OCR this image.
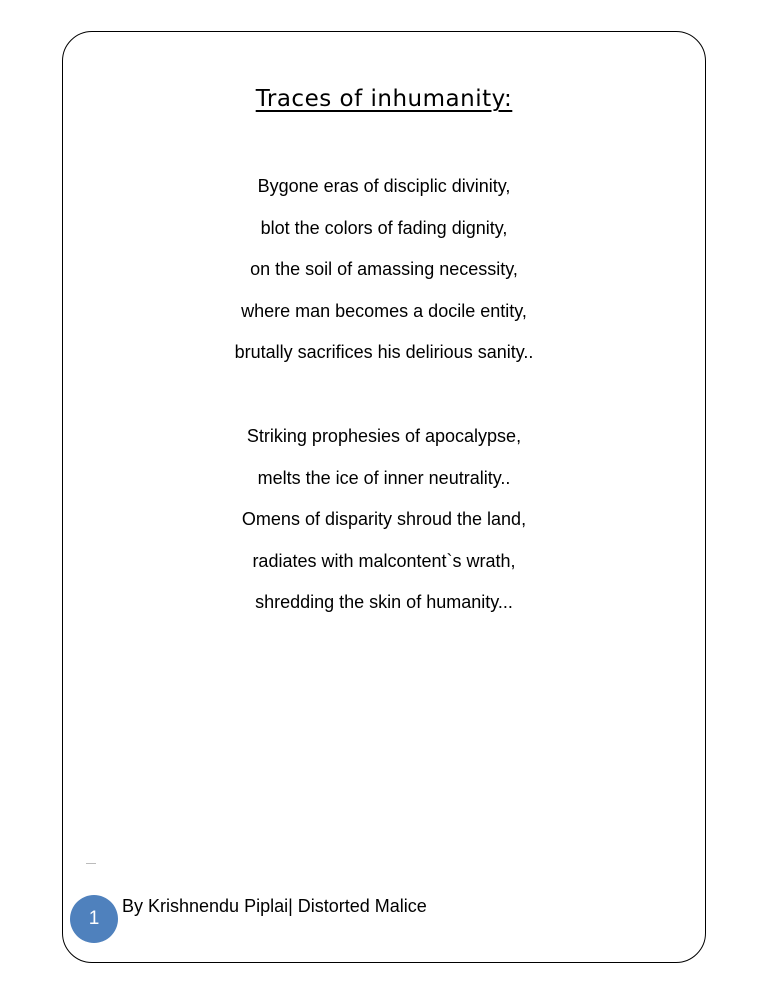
Traces of inhumanity:
Bygone eras of disciplic divinity,
blot the colors of fading dignity,
on the soil of amassing necessity,
where man becomes a docile entity,
brutally sacrifices his delirious sanity..
Striking prophesies of apocalypse,
melts the ice of inner neutrality..
Omens of disparity shroud the land,
radiates with malcontent`s wrath,
shredding the skin of humanity...
1
By Krishnendu Piplai| Distorted Malice
